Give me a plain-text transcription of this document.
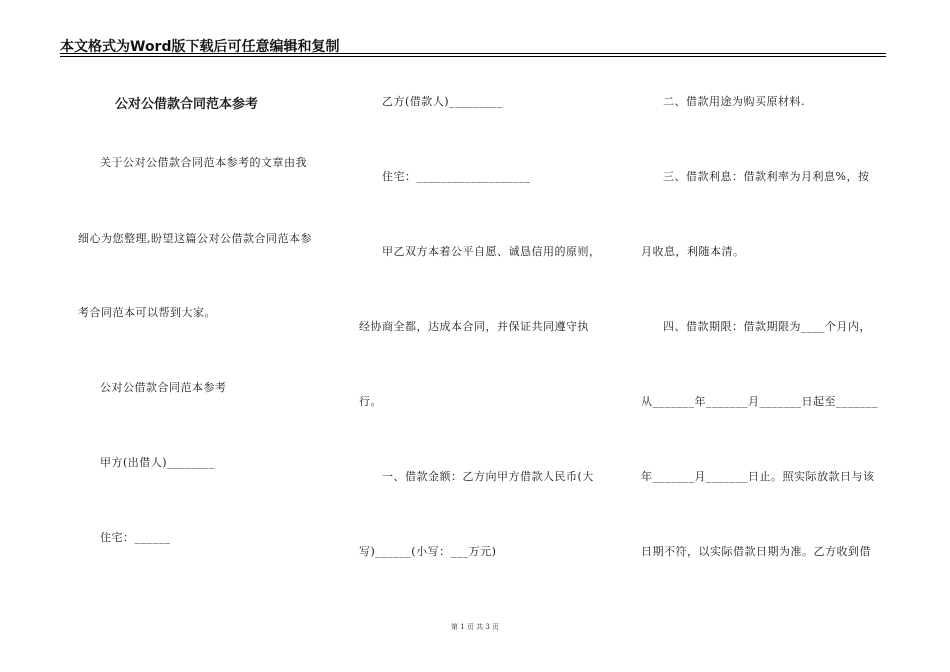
本文格式为Word版下载后可任意编辑和复制
公对公借款合同范本参考
关于公对公借款合同范本参考的文章由我
细心为您整理,盼望这篇公对公借款合同范本参
考合同范本可以帮到大家。
公对公借款合同范本参考
甲方(出借人)________
住宅：______
乙方(借款人)_________
住宅：___________________
甲乙双方本着公平自愿、诚恳信用的原则，
经协商全都，达成本合同，并保证共同遵守执
行。
一、借款金额：乙方向甲方借款人民币(大
写)______(小写：___万元)
二、借款用途为购买原材料.
三、借款利息：借款利率为月利息%，按
月收息，利随本清。
四、借款期限：借款期限为____个月内，
从_______年_______月_______日起至_______
年_______月_______日止。照实际放款日与该
日期不符，以实际借款日期为准。乙方收到借
第 1 页 共 3 页
